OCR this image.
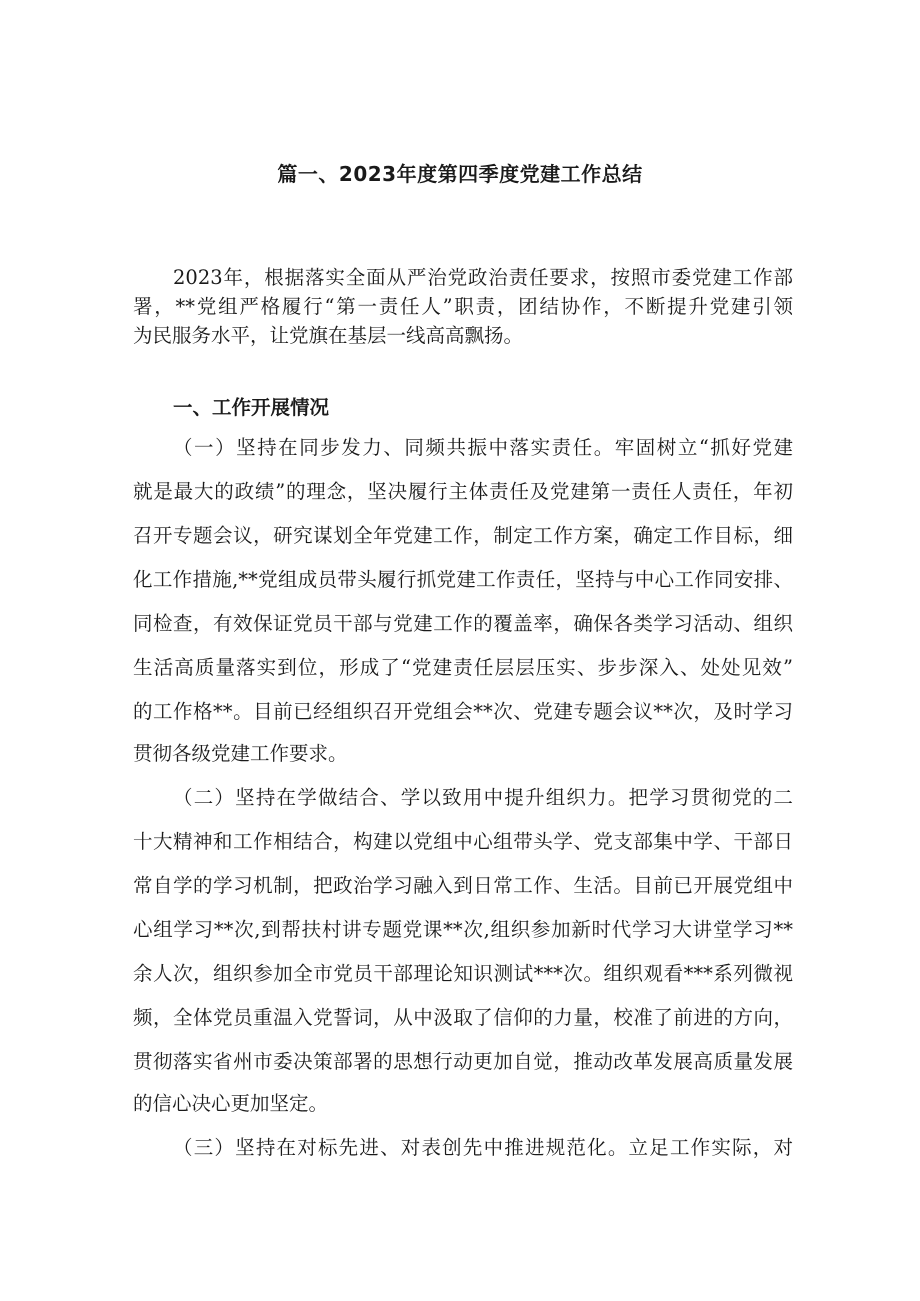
篇一、2023年度第四季度党建工作总结

2023年，根据落实全面从严治党政治责任要求，按照市委党建工作部

署，**党组严格履行“第一责任人”职责，团结协作，不断提升党建引领

为民服务水平，让党旗在基层一线高高飘扬。

一、工作开展情况

（一）坚持在同步发力、同频共振中落实责任。牢固树立“抓好党建

就是最大的政绩”的理念，坚决履行主体责任及党建第一责任人责任，年初

召开专题会议，研究谋划全年党建工作，制定工作方案，确定工作目标，细

化工作措施,**党组成员带头履行抓党建工作责任，坚持与中心工作同安排、

同检查，有效保证党员干部与党建工作的覆盖率，确保各类学习活动、组织

生活高质量落实到位，形成了“党建责任层层压实、步步深入、处处见效”

的工作格**。目前已经组织召开党组会**次、党建专题会议**次，及时学习

贯彻各级党建工作要求。

（二）坚持在学做结合、学以致用中提升组织力。把学习贯彻党的二

十大精神和工作相结合，构建以党组中心组带头学、党支部集中学、干部日

常自学的学习机制，把政治学习融入到日常工作、生活。目前已开展党组中

心组学习**次,到帮扶村讲专题党课**次,组织参加新时代学习大讲堂学习**

余人次，组织参加全市党员干部理论知识测试***次。组织观看***系列微视

频，全体党员重温入党誓词，从中汲取了信仰的力量，校准了前进的方向，

贯彻落实省州市委决策部署的思想行动更加自觉，推动改革发展高质量发展

的信心决心更加坚定。

（三）坚持在对标先进、对表创先中推进规范化。立足工作实际，对
